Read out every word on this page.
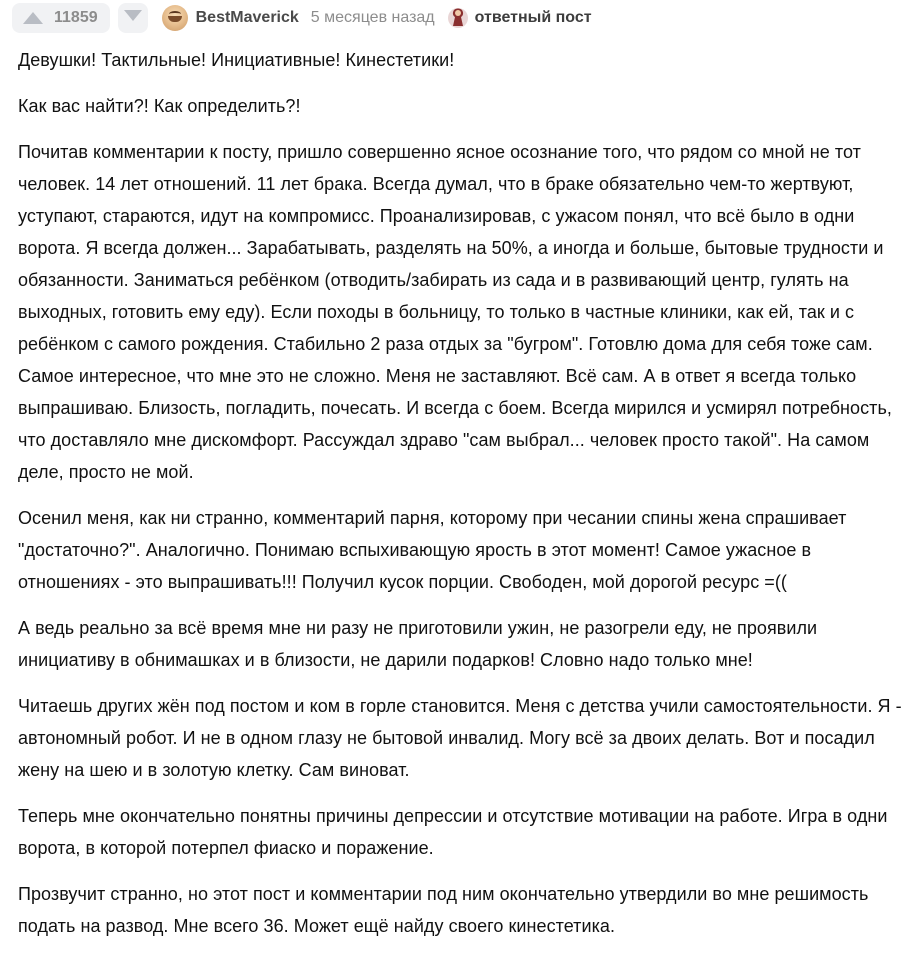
11859	BestMaverick 5 месяцев назад	ответный пост

Девушки! Тактильные! Инициативные! Кинестетики!

Как вас найти?! Как определить?!

Почитав комментарии к посту, пришло совершенно ясное осознание того, что рядом со мной не тот человек. 14 лет отношений. 11 лет брака. Всегда думал, что в браке обязательно чем-то жертвуют, уступают, стараются, идут на компромисс. Проанализировав, с ужасом понял, что всё было в одни ворота. Я всегда должен... Зарабатывать, разделять на 50%, а иногда и больше, бытовые трудности и обязанности. Заниматься ребёнком (отводить/забирать из сада и в развивающий центр, гулять на выходных, готовить ему еду). Если походы в больницу, то только в частные клиники, как ей, так и с ребёнком с самого рождения. Стабильно 2 раза отдых за "бугром". Готовлю дома для себя тоже сам. Самое интересное, что мне это не сложно. Меня не заставляют. Всё сам. А в ответ я всегда только выпрашиваю. Близость, погладить, почесать. И всегда с боем. Всегда мирился и усмирял потребность, что доставляло мне дискомфорт. Рассуждал здраво "сам выбрал... человек просто такой". На самом деле, просто не мой.

Осенил меня, как ни странно, комментарий парня, которому при чесании спины жена спрашивает "достаточно?". Аналогично. Понимаю вспыхивающую ярость в этот момент! Самое ужасное в отношениях - это выпрашивать!!! Получил кусок порции. Свободен, мой дорогой ресурс =((

А ведь реально за всё время мне ни разу не приготовили ужин, не разогрели еду, не проявили инициативу в обнимашках и в близости, не дарили подарков! Словно надо только мне!

Читаешь других жён под постом и ком в горле становится. Меня с детства учили самостоятельности. Я - автономный робот. И не в одном глазу не бытовой инвалид. Могу всё за двоих делать. Вот и посадил жену на шею и в золотую клетку. Сам виноват.

Теперь мне окончательно понятны причины депрессии и отсутствие мотивации на работе. Игра в одни ворота, в которой потерпел фиаско и поражение.

Прозвучит странно, но этот пост и комментарии под ним окончательно утвердили во мне решимость подать на развод. Мне всего 36. Может ещё найду своего кинестетика.
